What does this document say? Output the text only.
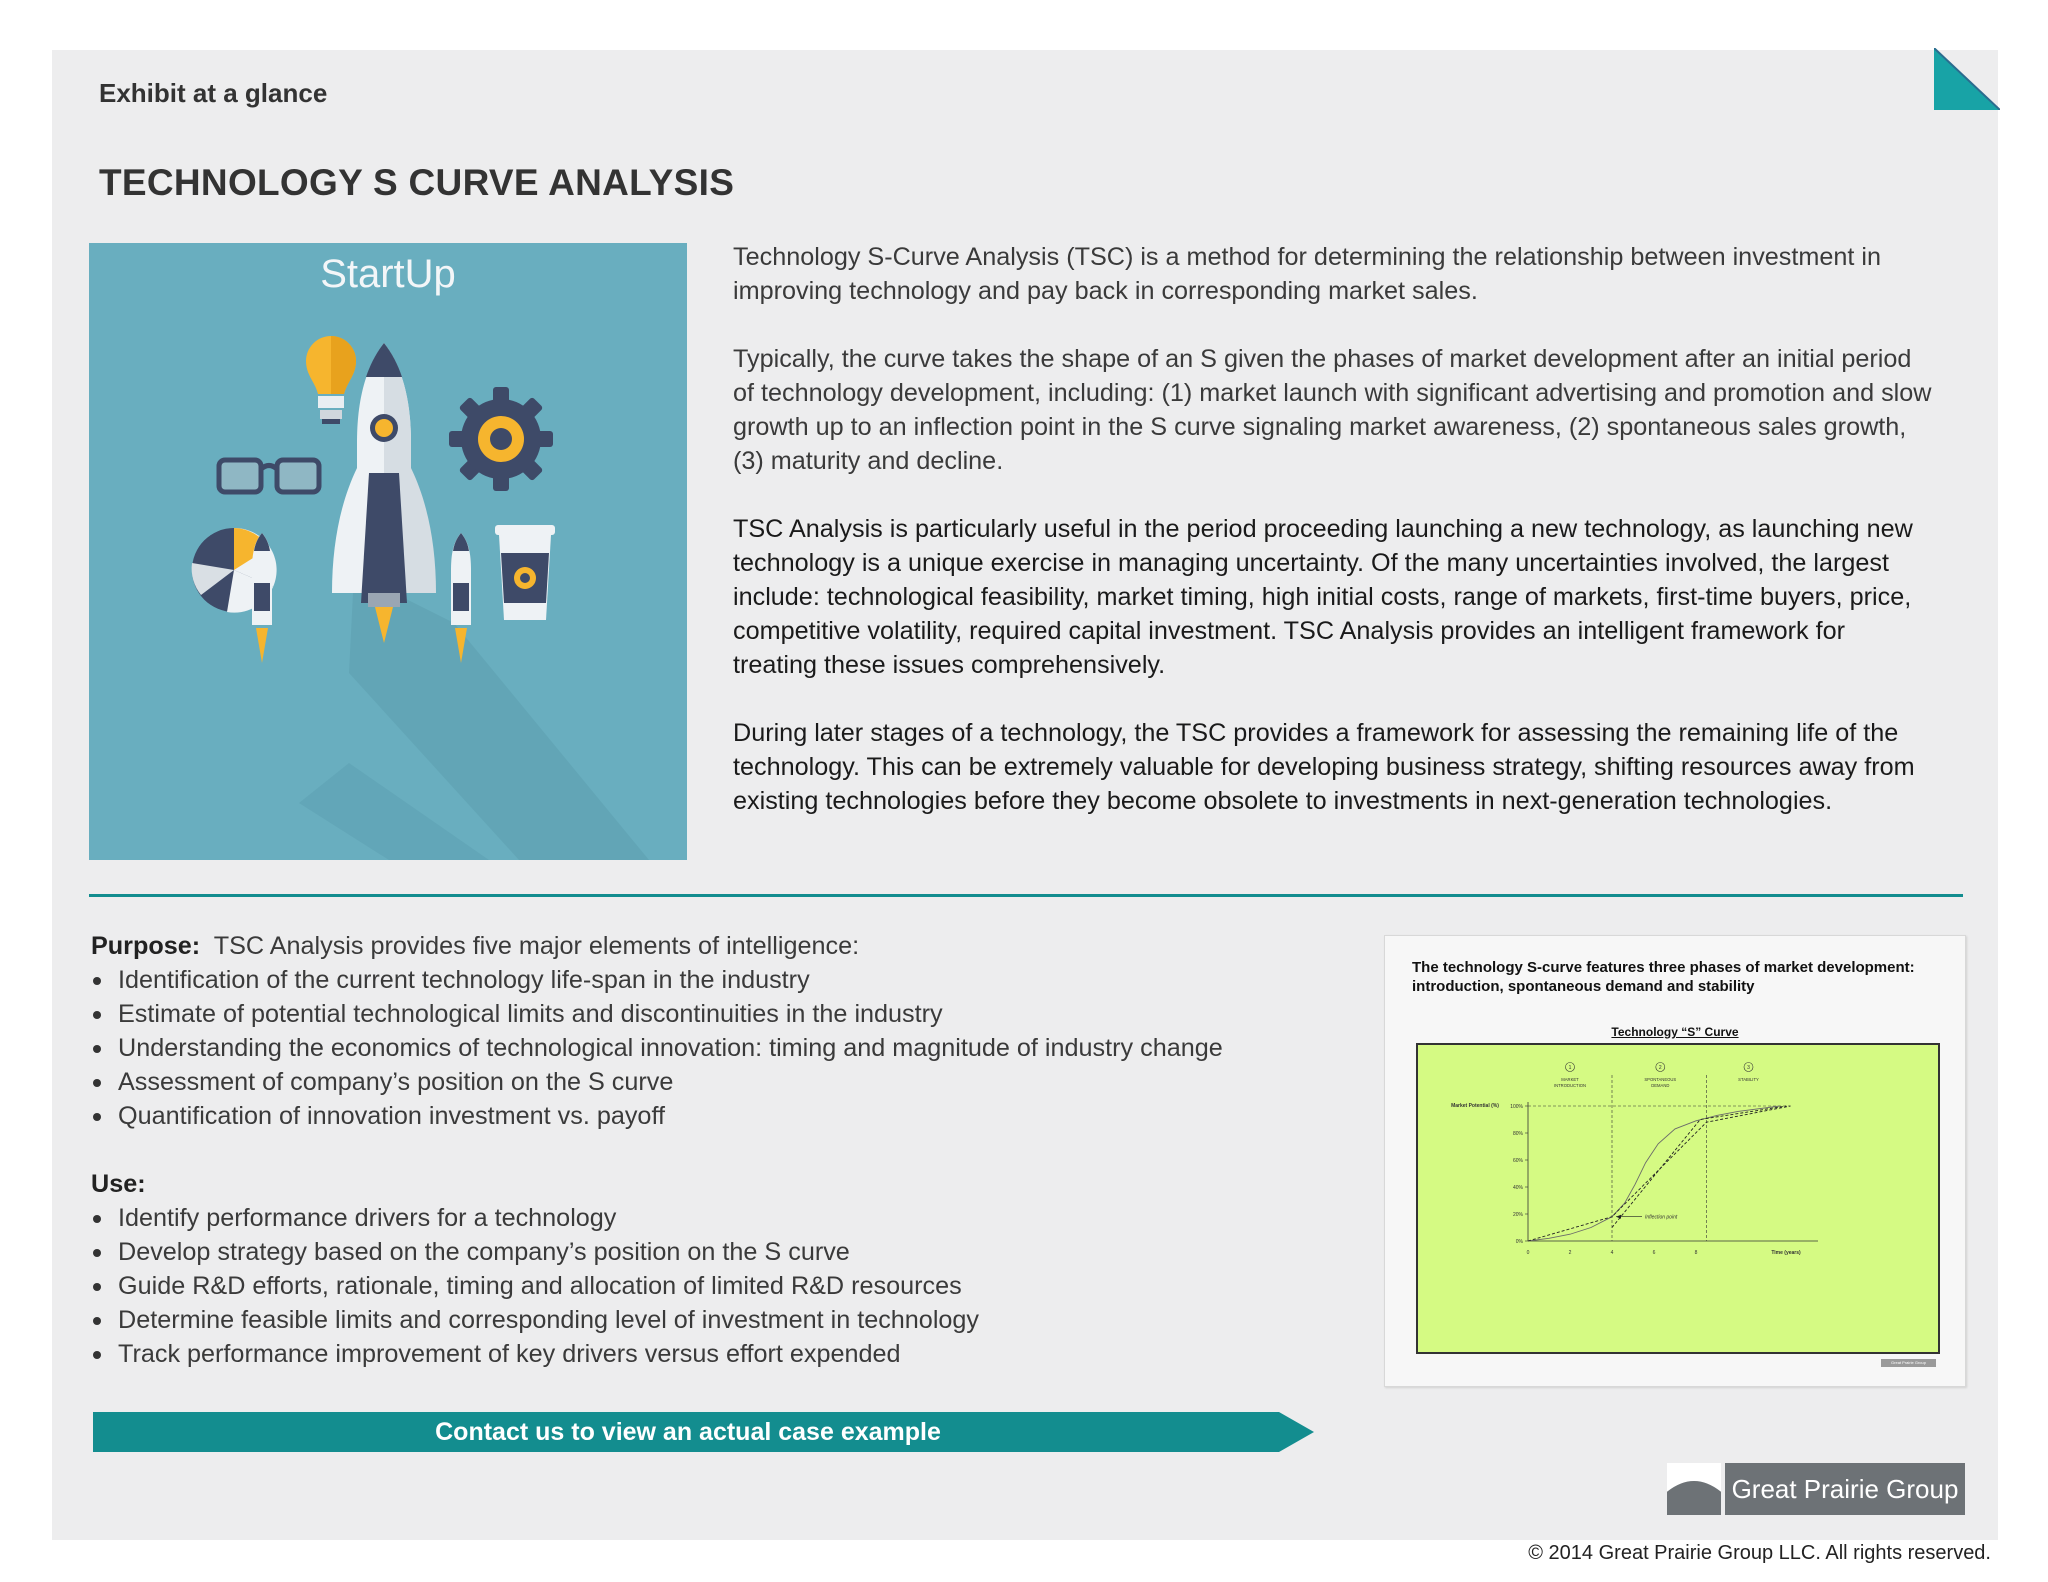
Exhibit at a glance
TECHNOLOGY S CURVE ANALYSIS
StartUp	Technology S-Curve Analysis (TSC) is a method for determining the relationship between investment in improving technology and pay back in corresponding market sales.

Typically, the curve takes the shape of an S given the phases of market development after an initial period of technology development, including: (1) market launch with significant advertising and promotion and slow growth up to an inflection point in the S curve signaling market awareness, (2) spontaneous sales growth, (3) maturity and decline.

TSC Analysis is particularly useful in the period proceeding launching a new technology, as launching new technology is a unique exercise in managing uncertainty. Of the many uncertainties involved, the largest include: technological feasibility, market timing, high initial costs, range of markets, first-time buyers, price, competitive volatility, required capital investment. TSC Analysis provides an intelligent framework for treating these issues comprehensively.

During later stages of a technology, the TSC provides a framework for assessing the remaining life of the technology. This can be extremely valuable for developing business strategy, shifting resources away from existing technologies before they become obsolete to investments in next-generation technologies.

Purpose: TSC Analysis provides five major elements of intelligence:

Identification of the current technology life-span in the industry
Estimate of potential technological limits and discontinuities in the industry
Understanding the economics of technological innovation: timing and magnitude of industry change
Assessment of company’s position on the S curve
Quantification of innovation investment vs. payoff

Use:

Identify performance drivers for a technology
Develop strategy based on the company’s position on the S curve
Guide R&D efforts, rationale, timing and allocation of limited R&D resources
Determine feasible limits and corresponding level of investment in technology
Track performance improvement of key drivers versus effort expended
Contact us to view an actual case example
The technology S-curve features three phases of market development: introduction, spontaneous demand and stability
Technology “S” Curve
0%
20%
40%
60%
80%
100%
0	2	4	6	8
Market Potential (%)
Time (years)
1
MARKET
INTRODUCTION
2
SPONTANEOUS
DEMAND
3
STABILITY
Inflection point
Great Prairie Group
Great Prairie Group
© 2014 Great Prairie Group LLC. All rights reserved.
